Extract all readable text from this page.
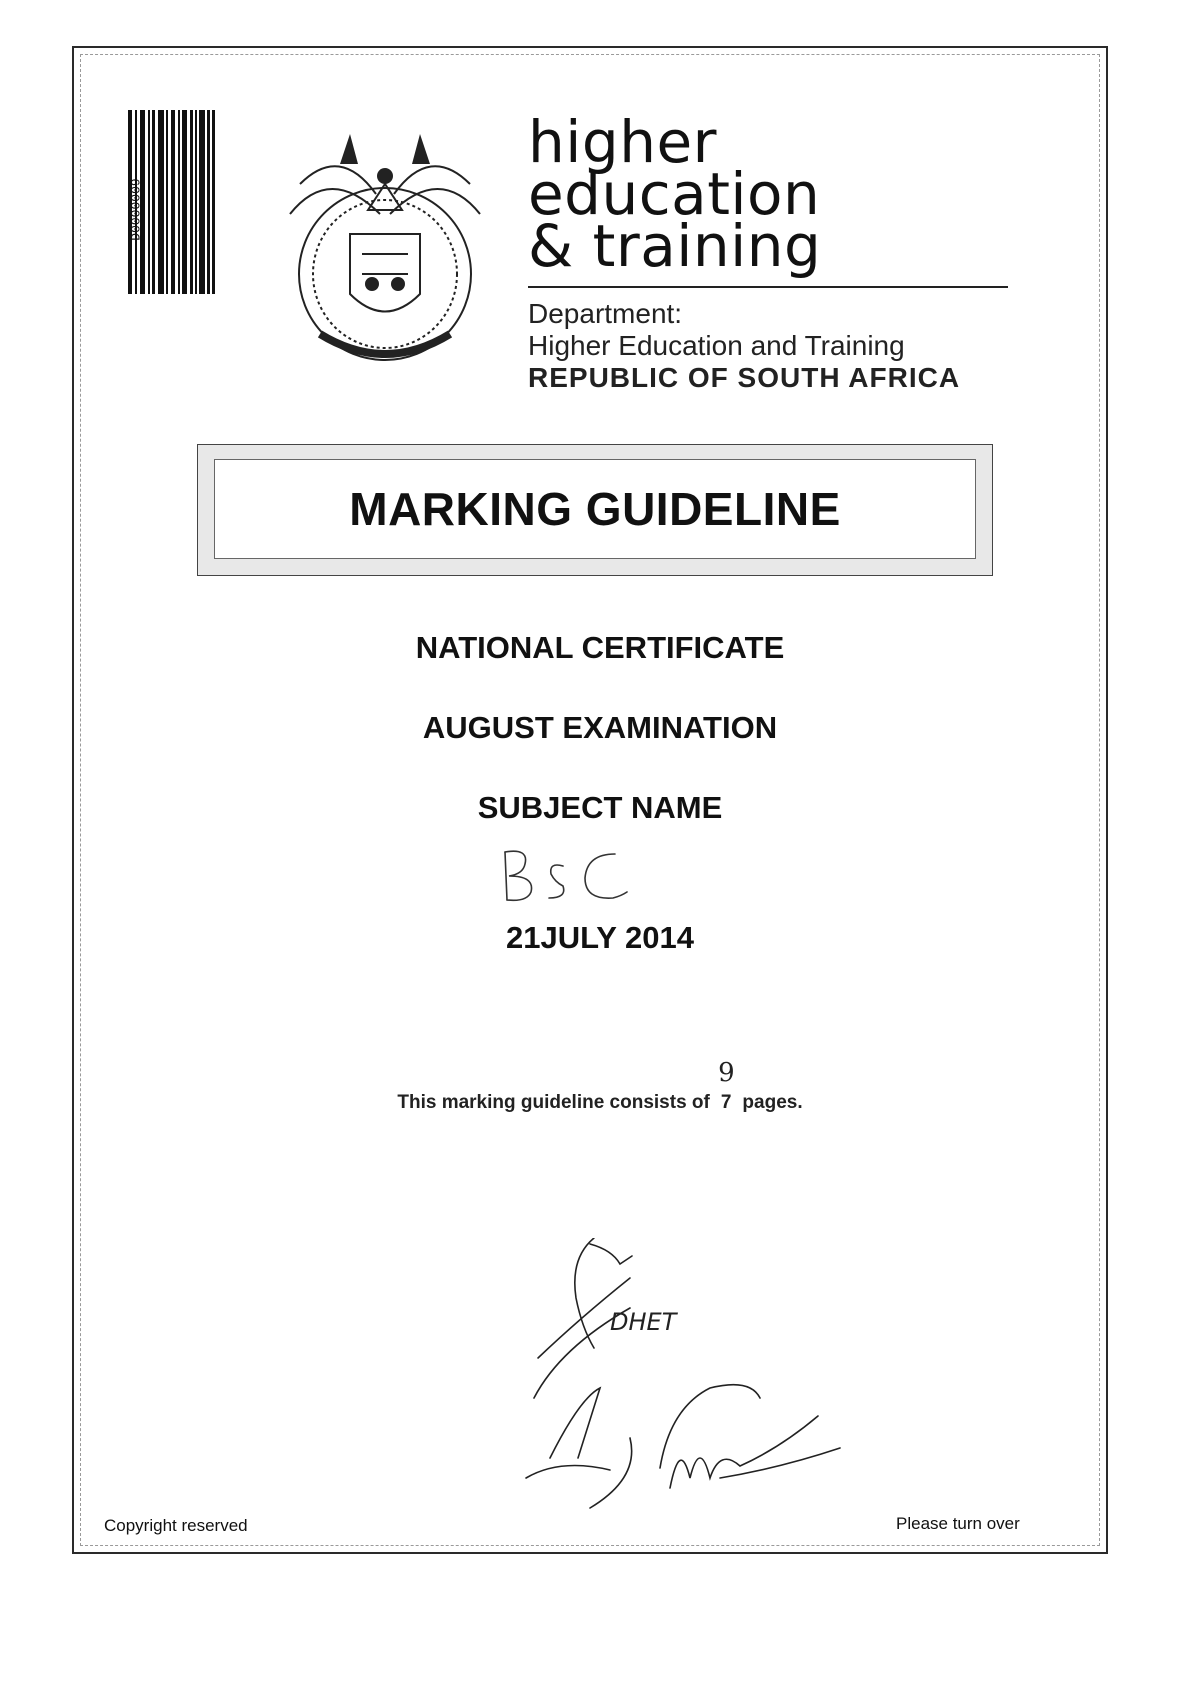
D0000009
higher education
& training
Department:
Higher Education and Training
REPUBLIC OF SOUTH AFRICA
MARKING GUIDELINE
NATIONAL CERTIFICATE
AUGUST EXAMINATION
SUBJECT NAME
21JULY 2014
This marking guideline consists of 7
9
pages.
DHET
Copyright reserved	Please turn over
